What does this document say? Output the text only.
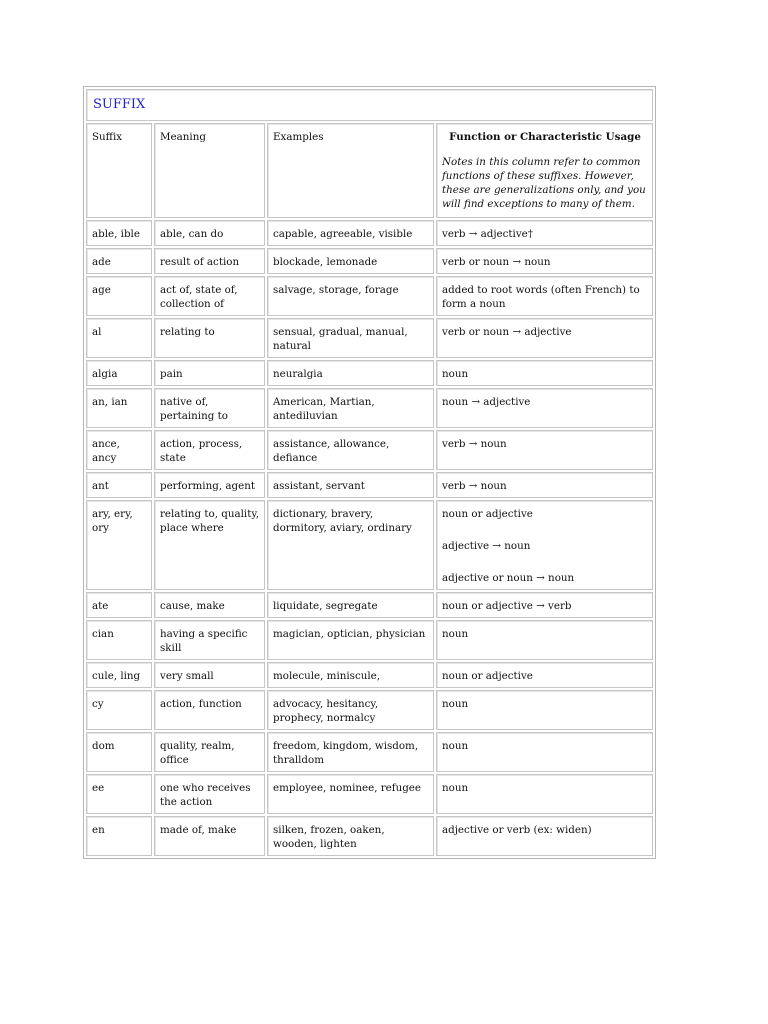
SUFFIX			
Suffix	Meaning	Examples	Function or Characteristic Usage
Notes in this column refer to common functions of these suffixes. However, these are generalizations only, and you will find exceptions to many of them.

able, ible	able, can do	capable, agreeable, visible	verb → adjective†

ade	result of action	blockade, lemonade	verb or noun → noun

age	act of, state of, collection of	salvage, storage, forage	added to root words (often French) to form a noun

al	relating to	sensual, gradual, manual, natural	verb or noun → adjective

algia	pain	neuralgia	noun

an, ian	native of, pertaining to	American, Martian, antediluvian	noun → adjective

ance, ancy	action, process, state	assistance, allowance, defiance	verb → noun

ant	performing, agent	assistant, servant	verb → noun

ary, ery, ory	relating to, quality, place where	dictionary, bravery, dormitory, aviary, ordinary	noun or adjective
adjective → noun
adjective or noun → noun

ate	cause, make	liquidate, segregate	noun or adjective → verb

cian	having a specific skill	magician, optician, physician	noun

cule, ling	very small	molecule, miniscule,	noun or adjective

cy	action, function	advocacy, hesitancy, prophecy, normalcy	noun

dom	quality, realm, office	freedom, kingdom, wisdom, thralldom	noun

ee	one who receives the action	employee, nominee, refugee	noun

en	made of, make	silken, frozen, oaken, wooden, lighten	adjective or verb (ex: widen)
